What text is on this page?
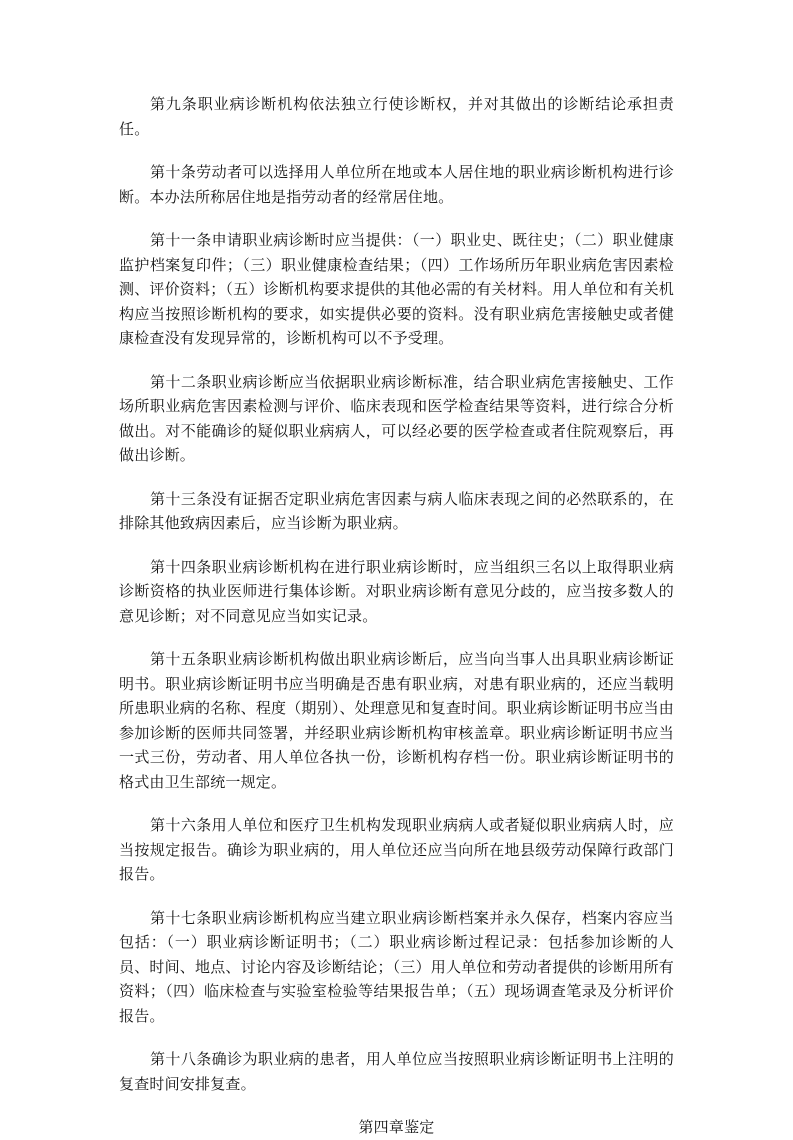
第九条职业病诊断机构依法独立行使诊断权，并对其做出的诊断结论承担责任。

第十条劳动者可以选择用人单位所在地或本人居住地的职业病诊断机构进行诊断。本办法所称居住地是指劳动者的经常居住地。

第十一条申请职业病诊断时应当提供：（一）职业史、既往史；（二）职业健康监护档案复印件；（三）职业健康检查结果；（四）工作场所历年职业病危害因素检测、评价资料；（五）诊断机构要求提供的其他必需的有关材料。用人单位和有关机构应当按照诊断机构的要求，如实提供必要的资料。没有职业病危害接触史或者健康检查没有发现异常的，诊断机构可以不予受理。

第十二条职业病诊断应当依据职业病诊断标准，结合职业病危害接触史、工作场所职业病危害因素检测与评价、临床表现和医学检查结果等资料，进行综合分析做出。对不能确诊的疑似职业病病人，可以经必要的医学检查或者住院观察后，再做出诊断。

第十三条没有证据否定职业病危害因素与病人临床表现之间的必然联系的，在排除其他致病因素后，应当诊断为职业病。

第十四条职业病诊断机构在进行职业病诊断时，应当组织三名以上取得职业病诊断资格的执业医师进行集体诊断。对职业病诊断有意见分歧的，应当按多数人的意见诊断；对不同意见应当如实记录。

第十五条职业病诊断机构做出职业病诊断后，应当向当事人出具职业病诊断证明书。职业病诊断证明书应当明确是否患有职业病，对患有职业病的，还应当载明所患职业病的名称、程度（期别）、处理意见和复查时间。职业病诊断证明书应当由参加诊断的医师共同签署，并经职业病诊断机构审核盖章。职业病诊断证明书应当一式三份，劳动者、用人单位各执一份，诊断机构存档一份。职业病诊断证明书的格式由卫生部统一规定。

第十六条用人单位和医疗卫生机构发现职业病病人或者疑似职业病病人时，应当按规定报告。确诊为职业病的，用人单位还应当向所在地县级劳动保障行政部门报告。

第十七条职业病诊断机构应当建立职业病诊断档案并永久保存，档案内容应当包括：（一）职业病诊断证明书；（二）职业病诊断过程记录：包括参加诊断的人员、时间、地点、讨论内容及诊断结论；（三）用人单位和劳动者提供的诊断用所有资料；（四）临床检查与实验室检验等结果报告单；（五）现场调查笔录及分析评价报告。

第十八条确诊为职业病的患者，用人单位应当按照职业病诊断证明书上注明的复查时间安排复查。

第四章鉴定
